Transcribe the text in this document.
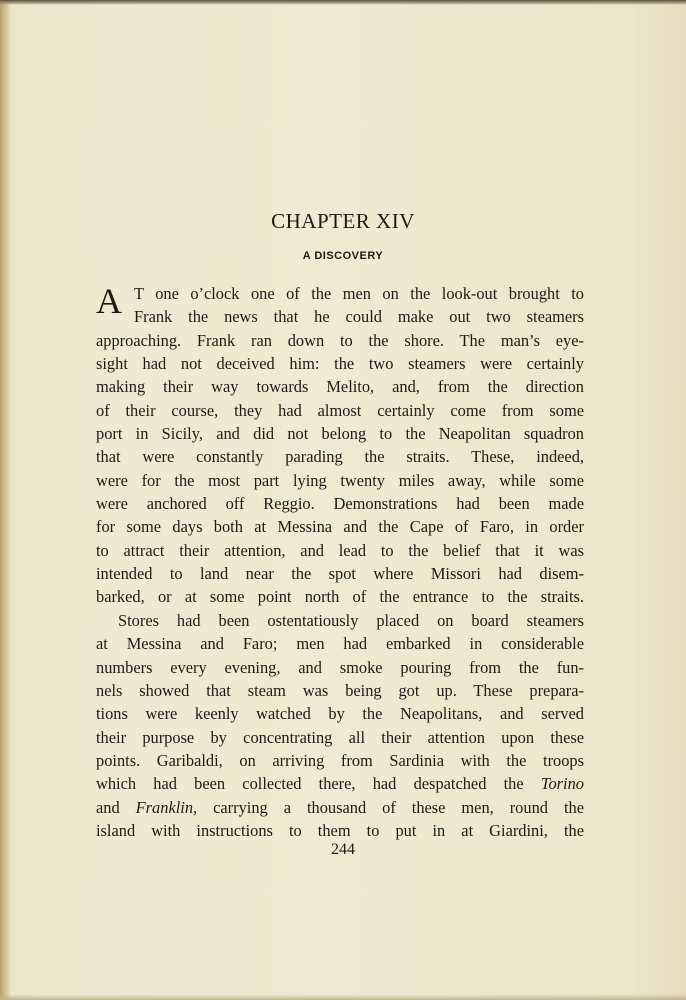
CHAPTER XIV
A DISCOVERY
A T one o’clock one of the men on the look-out brought to
Frank the news that he could make out two steamers
approaching. Frank ran down to the shore. The man’s eye-
sight had not deceived him: the two steamers were certainly
making their way towards Melito, and, from the direction
of their course, they had almost certainly come from some
port in Sicily, and did not belong to the Neapolitan squadron
that were constantly parading the straits. These, indeed,
were for the most part lying twenty miles away, while some
were anchored off Reggio. Demonstrations had been made
for some days both at Messina and the Cape of Faro, in order
to attract their attention, and lead to the belief that it was
intended to land near the spot where Missori had disem-
barked, or at some point north of the entrance to the straits.
Stores had been ostentatiously placed on board steamers
at Messina and Faro; men had embarked in considerable
numbers every evening, and smoke pouring from the fun-
nels showed that steam was being got up. These prepara-
tions were keenly watched by the Neapolitans, and served
their purpose by concentrating all their attention upon these
points. Garibaldi, on arriving from Sardinia with the troops
which had been collected there, had despatched the Torino
and Franklin, carrying a thousand of these men, round the
island with instructions to them to put in at Giardini, the
244
